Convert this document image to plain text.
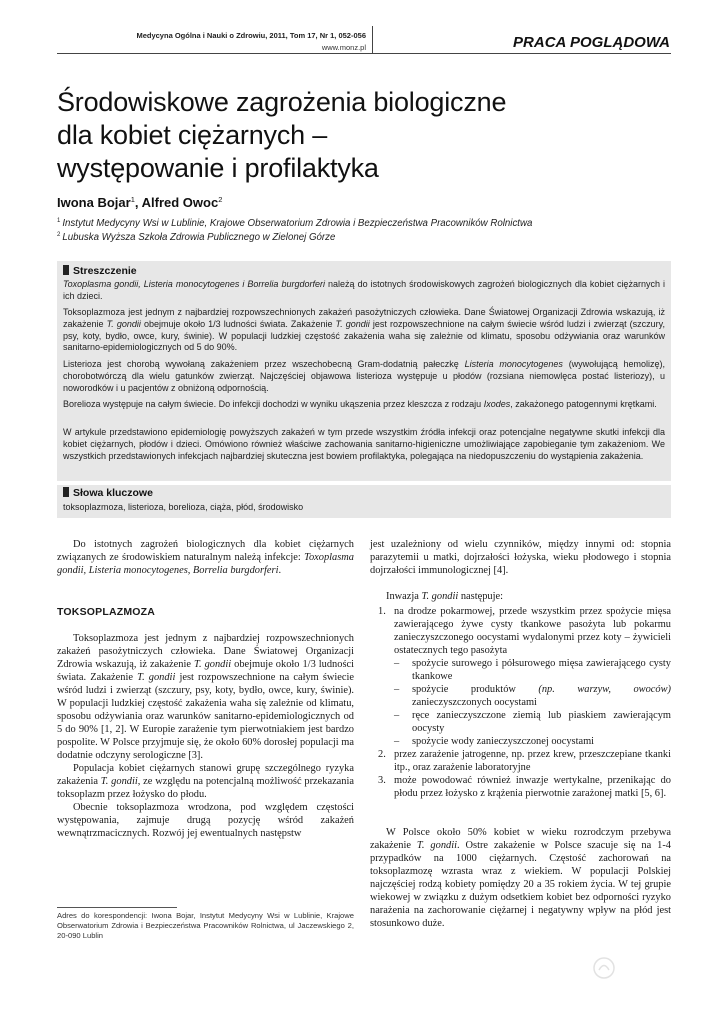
Medycyna Ogólna i Nauki o Zdrowiu, 2011, Tom 17, Nr 1, 052-056
www.monz.pl	PRACA POGLĄDOWA
Środowiskowe zagrożenia biologiczne
dla kobiet ciężarnych –
występowanie i profilaktyka
Iwona Bojar$^1$, Alfred Owoc$^2$
$^1$ Instytut Medycyny Wsi w Lublinie, Krajowe Obserwatorium Zdrowia i Bezpieczeństwa Pracowników Rolnictwa
$^2$ Lubuska Wyższa Szkoła Zdrowia Publicznego w Zielonej Górze
Streszczenie
Toxoplasma gondii, Listeria monocytogenes i Borrelia burgdorferi należą do istotnych środowiskowych zagrożeń biologicznych dla kobiet ciężarnych i ich dzieci.
Toksoplazmoza jest jednym z najbardziej rozpowszechnionych zakażeń pasożytniczych człowieka. Dane Światowej Organizacji Zdrowia wskazują, iż zakażenie T. gondii obejmuje około 1/3 ludności świata. Zakażenie T. gondii jest rozpowszechnione na całym świecie wśród ludzi i zwierząt (szczury, psy, koty, bydło, owce, kury, świnie). W populacji ludzkiej częstość zakażenia waha się zależnie od klimatu, sposobu odżywiania oraz warunków sanitarno-epidemiologicznych od 5 do 90%.
Listerioza jest chorobą wywołaną zakażeniem przez wszechobecną Gram-dodatnią pałeczkę Listeria monocytogenes (wywołującą hemolizę), chorobotwórczą dla wielu gatunków zwierząt. Najczęściej objawowa listerioza występuje u płodów (rozsiana niemowlęca postać listeriozy), u noworodków i u pacjentów z obniżoną odpornością.
Borelioza występuje na całym świecie. Do infekcji dochodzi w wyniku ukąszenia przez kleszcza z rodzaju Ixodes, zakażonego patogennymi krętkami.
W artykule przedstawiono epidemiologię powyższych zakażeń w tym przede wszystkim źródła infekcji oraz potencjalne negatywne skutki infekcji dla kobiet ciężarnych, płodów i dzieci. Omówiono również właściwe zachowania sanitarno-higieniczne umożliwiające zapobieganie tym zakażeniom. We wszystkich przedstawionych infekcjach najbardziej skuteczna jest bowiem profilaktyka, polegająca na niedopuszczeniu do wystąpienia zakażenia.
Słowa kluczowe
toksoplazmoza, listerioza, borelioza, ciąża, płód, środowisko

Do istotnych zagrożeń biologicznych dla kobiet ciężarnych związanych ze środowiskiem naturalnym należą infekcje: Toxoplasma gondii, Listeria monocytogenes, Borrelia burgdorferi.

TOKSOPLAZMOZA

Toksoplazmoza jest jednym z najbardziej rozpowszechnionych zakażeń pasożytniczych człowieka. Dane Światowej Organizacji Zdrowia wskazują, iż zakażenie T. gondii obejmuje około 1/3 ludności świata. Zakażenie T. gondii jest rozpowszechnione na całym świecie wśród ludzi i zwierząt (szczury, psy, koty, bydło, owce, kury, świnie). W populacji ludzkiej częstość zakażenia waha się zależnie od klimatu, sposobu odżywiania oraz warunków sanitarno-epidemiologicznych od 5 do 90% [1, 2]. W Europie zarażenie tym pierwotniakiem jest bardzo pospolite. W Polsce przyjmuje się, że około 60% dorosłej populacji ma dodatnie odczyny serologiczne [3].

Populacja kobiet ciężarnych stanowi grupę szczególnego ryzyka zakażenia T. gondii, ze względu na potencjalną możliwość przekazania toksoplazm przez łożysko do płodu.

Obecnie toksoplazmoza wrodzona, pod względem częstości występowania, zajmuje drugą pozycję wśród zakażeń wewnątrzmacicznych. Rozwój jej ewentualnych następstw

jest uzależniony od wielu czynników, między innymi od: stopnia parazytemii u matki, dojrzałości łożyska, wieku płodowego i stopnia dojrzałości immunologicznej [4].

Inwazja T. gondii następuje:

1. na drodze pokarmowej, przede wszystkim przez spożycie mięsa zawierającego żywe cysty tkankowe pasożyta lub pokarmu zanieczyszczonego oocystami wydalonymi przez koty – żywicieli ostatecznych tego pasożyta
– spożycie surowego i półsurowego mięsa zawierającego cysty tkankowe
– spożycie produktów (np. warzyw, owoców) zanieczyszczonych oocystami
– ręce zanieczyszczone ziemią lub piaskiem zawierającym oocysty
– spożycie wody zanieczyszczonej oocystami
2. przez zarażenie jatrogenne, np. przez krew, przeszczepiane tkanki itp., oraz zarażenie laboratoryjne
3. może powodować również inwazje wertykalne, przenikając do płodu przez łożysko z krążenia pierwotnie zarażonej matki [5, 6].

W Polsce około 50% kobiet w wieku rozrodczym przebywa zakażenie T. gondii. Ostre zakażenie w Polsce szacuje się na 1-4 przypadków na 1000 ciężarnych. Częstość zachorowań na toksoplazmozę wzrasta wraz z wiekiem. W populacji Polskiej najczęściej rodzą kobiety pomiędzy 20 a 35 rokiem życia. W tej grupie wiekowej w związku z dużym odsetkiem kobiet bez odporności ryzyko narażenia na zachorowanie ciężarnej i negatywny wpływ na płód jest stosunkowo duże.

Adres do korespondencji: Iwona Bojar, Instytut Medycyny Wsi w Lublinie, Krajowe Obserwatorium Zdrowia i Bezpieczeństwa Pracowników Rolnictwa, ul Jaczewskiego 2, 20-090 Lublin
